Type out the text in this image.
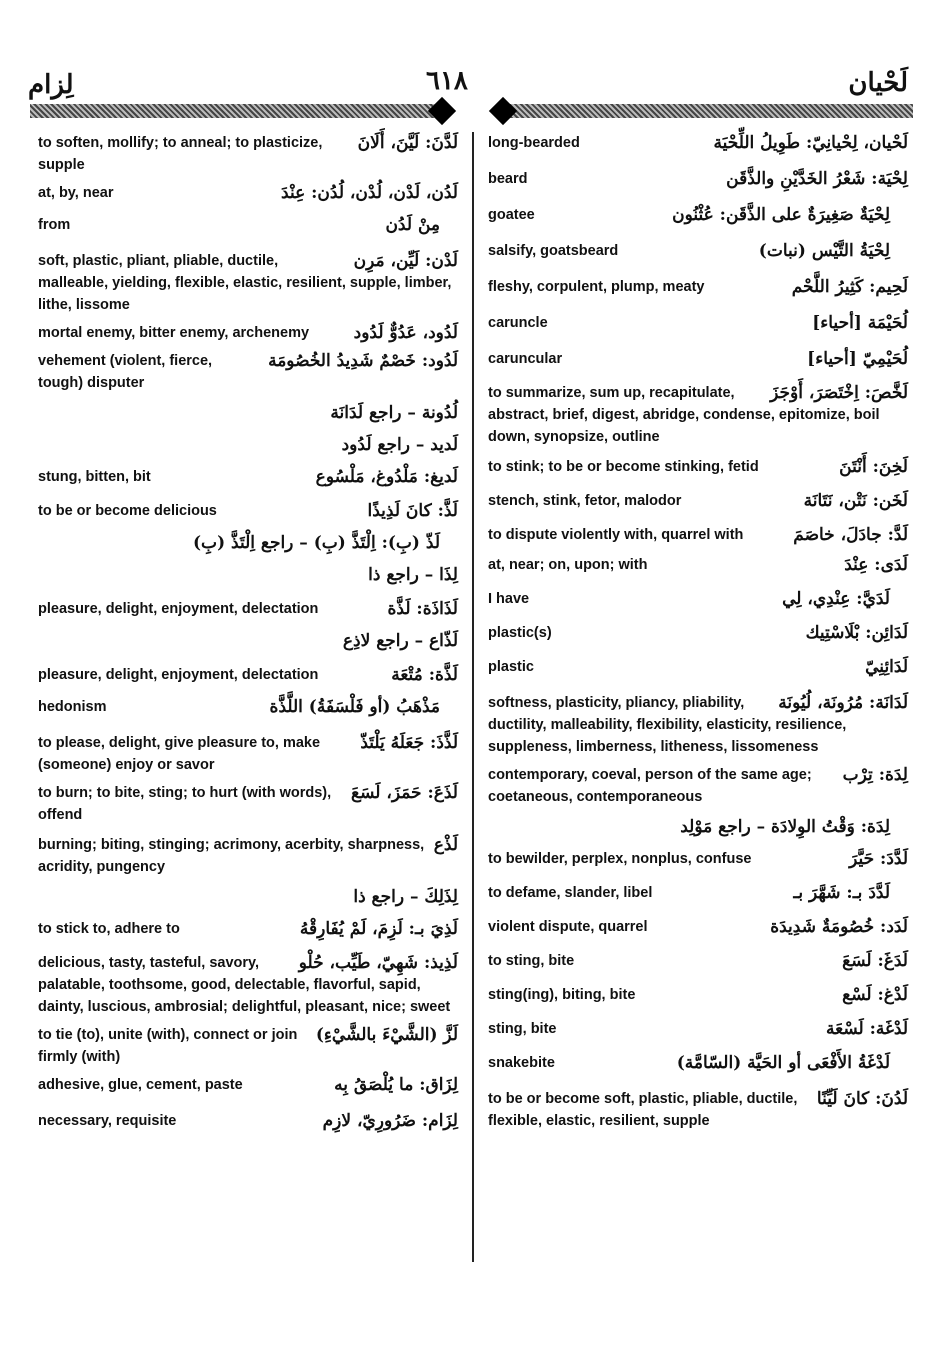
لِزام	٦١٨	لَحْيان
لَدَّنَ: لَيَّنَ، أَلَانَ
to soften, mollify; to anneal; to plasticize, supple
لَدُن، لَدْن، لُدْن، لُدُن: عِنْدَ
at, by, near
مِنْ لَدُن
from
لَدْن: لَيِّن، مَرِن
soft, plastic, pliant, pliable, ductile, malleable, yielding, flexible, elastic, resilient, supple, limber, lithe, lissome
لَدُود، عَدُوٌّ لَدُود
mortal enemy, bitter enemy, archenemy
لَدُود: خَصْمٌ شَدِيدُ الخُصُومَة
vehement (violent, fierce, tough) disputer
لُدُونة – راجع لَدَانَة
لَديد – راجع لَدُود
لَديغ: مَلْدُوغ، مَلْسُوع
stung, bitten, bit
لَذَّ: كانَ لَذِيذًا
to be or become delicious
لَذّ (بِ): اِلْتَذَّ (بِ) – راجع اِلْتَذَّ (بِ)
لِذَا – راجع ذا
لَذَاذَة: لَذَّة
pleasure, delight, enjoyment, delectation
لَذّاع – راجع لاذِع
لَذَّة: مُتْعَة
pleasure, delight, enjoyment, delectation
مَذْهَبُ (أو فَلْسَفَةُ) اللَّذَّة
hedonism
لَذَّذَ: جَعَلَهُ يَلْتَذّ
to please, delight, give pleasure to, make (someone) enjoy or savor
لَذَعَ: حَمَزَ، لَسَعَ
to burn; to bite, sting; to hurt (with words), offend
لَذْع
burning; biting, stinging; acrimony, acerbity, sharpness, acridity, pungency
لِذَلِكَ – راجع ذا
لَذِيَ بـ: لَزِمَ، لَمْ يُفَارِقْهُ
to stick to, adhere to
لَذِيذ: شَهِيّ، طَيِّب، حُلْو
delicious, tasty, tasteful, savory, palatable, toothsome, good, delectable, flavorful, sapid, dainty, luscious, ambrosial; delightful, pleasant, nice; sweet
لَزَّ (الشَّيْءَ بالشَّيْءِ)
to tie (to), unite (with), connect or join firmly (with)
لِزَاق: ما يُلْصَقُ بِه
adhesive, glue, cement, paste
لِزَام: ضَرُورِيّ، لازِم
necessary, requisite
لَحْيان، لِحْيانِيّ: طَوِيلُ اللِّحْيَة
long-bearded
لِحْيَة: شَعْرُ الخَدَّيْنِ والذَّقَن
beard
لِحْيَةٌ صَغِيرَةٌ على الذَّقَن: عُثْنُون
goatee
لِحْيَةُ التَّيْس (نبات)
salsify, goatsbeard
لَحِيم: كَثِيرُ اللَّحْم
fleshy, corpulent, plump, meaty
لُحَيْمَة [أحياء]
caruncle
لُحَيْمِيّ [أحياء]
caruncular
لَخَّصَ: اِخْتَصَرَ، أَوْجَزَ
to summarize, sum up, recapitulate, abstract, brief, digest, abridge, condense, epitomize, boil down, synopsize, outline
لَخِنَ: أَنْتَنَ
to stink; to be or become stinking, fetid
لَخَن: نَتْن، نَتَانَة
stench, stink, fetor, malodor
لَدَّ: جادَلَ، خاصَمَ
to dispute violently with, quarrel with
لَدَى: عِنْدَ
at, near; on, upon; with
لَدَيَّ: عِنْدِي، لِي
I have
لَدَائِن: بْلَاسْتِيك
plastic(s)
لَدَائِنِيّ
plastic
لَدَانَة: مُرُونَة، لُيُونَة
softness, plasticity, pliancy, pliability, ductility, malleability, flexibility, elasticity, resilience, suppleness, limberness, litheness, lissomeness
لِدَة: تِرْب
contemporary, coeval, person of the same age; coetaneous, contemporaneous
لِدَة: وَقْتُ الوِلادَة – راجع مَوْلِد
لَدَّدَ: حَيَّرَ
to bewilder, perplex, nonplus, confuse
لَدَّدَ بـ: شَهَّرَ بـ
to defame, slander, libel
لَدَد: خُصُومَةٌ شَدِيدَة
violent dispute, quarrel
لَدَغَ: لَسَعَ
to sting, bite
لَدْغ: لَسْع
sting(ing), biting, bite
لَدْغَة: لَسْعَة
sting, bite
لَدْغَةُ الأَفْعَى أو الحَيَّة (السّامَّة)
snakebite
لَدُنَ: كانَ لَيِّنًا
to be or become soft, plastic, pliable, ductile, flexible, elastic, resilient, supple
